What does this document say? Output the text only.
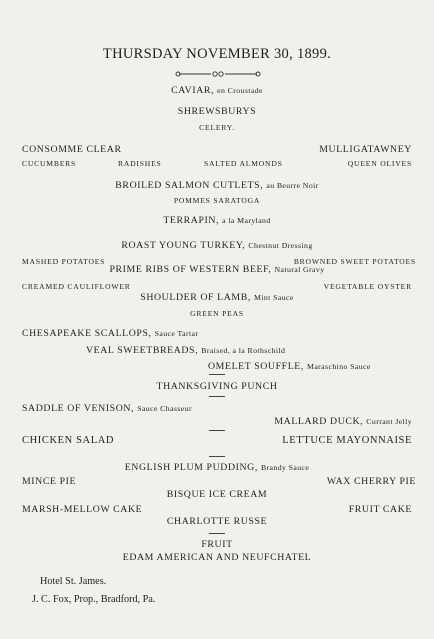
THURSDAY NOVEMBER 30, 1899.
CAVIAR, en Croustade
SHREWSBURYS
CELERY.
CONSOMME CLEAR	MULLIGATAWNEY
CUCUMBERS	RADISHES	SALTED ALMONDS	QUEEN OLIVES
BROILED SALMON CUTLETS, au Beurre Noir
POMMES SARATOGA
TERRAPIN, a la Maryland
ROAST YOUNG TURKEY, Chestnut Dressing
MASHED POTATOES	BROWNED SWEET POTATOES
PRIME RIBS OF WESTERN BEEF, Natural Gravy
CREAMED CAULIFLOWER	VEGETABLE OYSTER
SHOULDER OF LAMB, Mint Sauce
GREEN PEAS
CHESAPEAKE SCALLOPS, Sauce Tartar
VEAL SWEETBREADS, Braised, a la Rothschild
OMELET SOUFFLE, Maraschino Sauce
THANKSGIVING PUNCH
SADDLE OF VENISON, Sauce Chasseur
MALLARD DUCK, Currant Jelly
CHICKEN SALAD	LETTUCE MAYONNAISE
ENGLISH PLUM PUDDING, Brandy Sauce
MINCE PIE	WAX CHERRY PIE
BISQUE ICE CREAM
MARSH-MELLOW CAKE	FRUIT CAKE
CHARLOTTE RUSSE
FRUIT
EDAM AMERICAN AND NEUFCHATEL
Hotel St. James.
J. C. Fox, Prop., Bradford, Pa.
